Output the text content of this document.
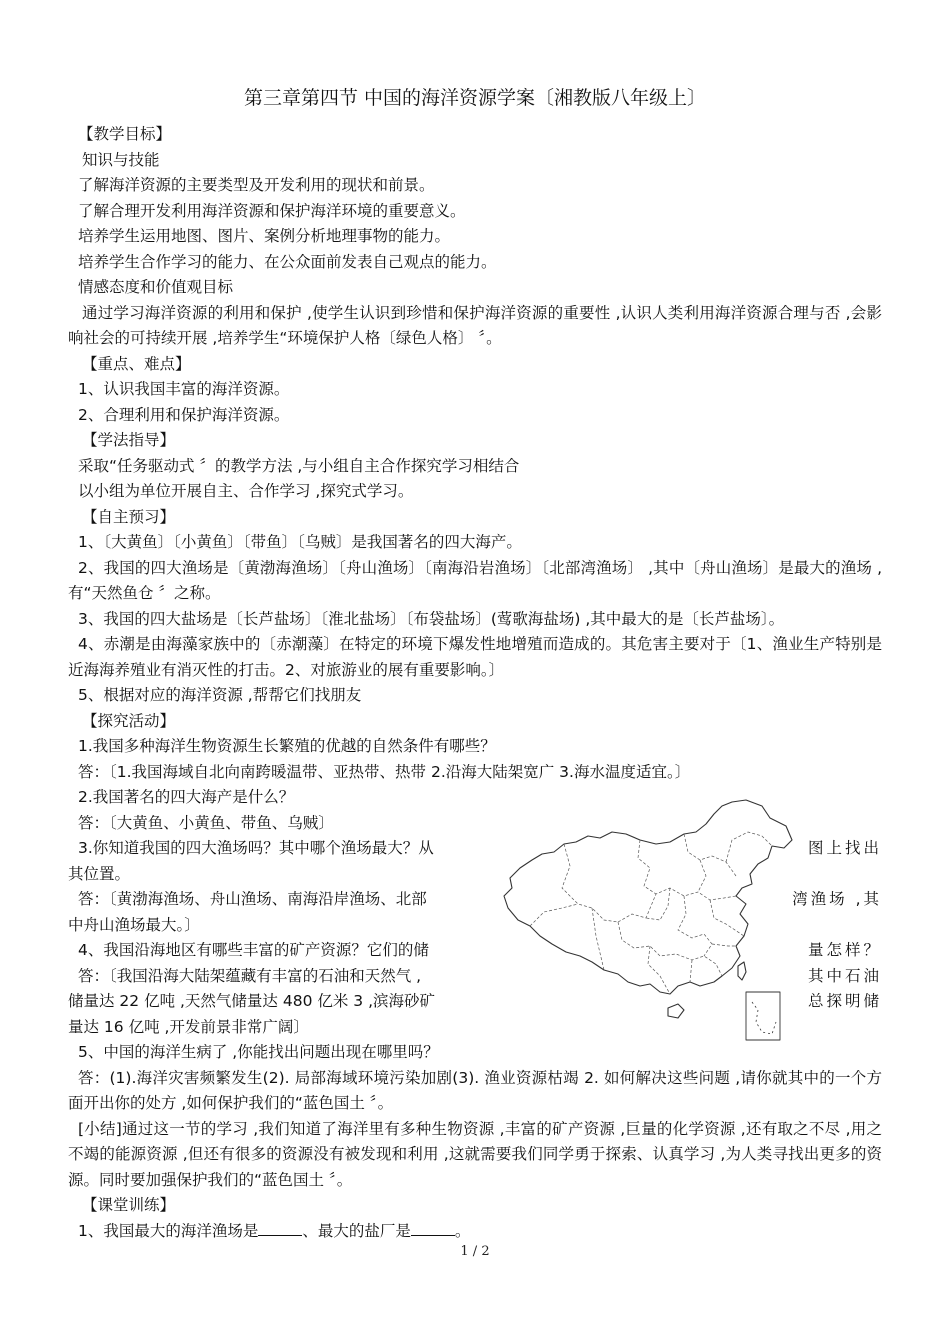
第三章第四节 中国的海洋资源学案〔湘教版八年级上〕

【教学目标】

知识与技能

了解海洋资源的主要类型及开发利用的现状和前景。

了解合理开发利用海洋资源和保护海洋环境的重要意义。

培养学生运用地图、图片、案例分析地理事物的能力。

培养学生合作学习的能力、在公众面前发表自己观点的能力。

情感态度和价值观目标

通过学习海洋资源的利用和保护 ,使学生认识到珍惜和保护海洋资源的重要性 ,认识人类利用海洋资源合理与否 ,会影响社会的可持续开展 ,培养学生“环境保护人格〔绿色人格〕 〞。

【重点、难点】

1、认识我国丰富的海洋资源。

2、合理利用和保护海洋资源。

【学法指导】

采取“任务驱动式 〞的教学方法 ,与小组自主合作探究学习相结合

以小组为单位开展自主、合作学习 ,探究式学习。

【自主预习】

1、〔大黄鱼〕〔小黄鱼〕〔带鱼〕〔乌贼〕是我国著名的四大海产。

2、我国的四大渔场是〔黄渤海渔场〕〔舟山渔场〕〔南海沿岩渔场〕〔北部湾渔场〕 ,其中〔舟山渔场〕是最大的渔场 ,有“天然鱼仓 〞之称。

3、我国的四大盐场是〔长芦盐场〕〔淮北盐场〕〔布袋盐场〕(莺歌海盐场) ,其中最大的是〔长芦盐场〕。

4、赤潮是由海藻家族中的〔赤潮藻〕在特定的环境下爆发性地增殖而造成的。其危害主要对于〔1、渔业生产特别是近海海养殖业有消灭性的打击。2、对旅游业的展有重要影响。〕

5、根据对应的海洋资源 ,帮帮它们找朋友

【探究活动】

1.我国多种海洋生物资源生长繁殖的优越的自然条件有哪些？

答：〔1.我国海域自北向南跨暖温带、亚热带、热带 2.沿海大陆架宽广 3.海水温度适宜。〕

2.我国著名的四大海产是什么？

答：〔大黄鱼、小黄鱼、带鱼、乌贼〕

3.你知道我国的四大渔场吗？其中哪个渔场最大？从	图上找出

其位置。

答：〔黄渤海渔场、舟山渔场、南海沿岸渔场、北部	湾渔场 ,其

中舟山渔场最大。〕

4、我国沿海地区有哪些丰富的矿产资源？它们的储	量怎样？
答：〔我国沿海大陆架蕴藏有丰富的石油和天然气 ,	其中石油
储量达 22 亿吨 ,天然气储量达 480 亿米 3 ,滨海砂矿	总探明储

量达 16 亿吨 ,开发前景非常广阔〕

5、中国的海洋生病了 ,你能找出问题出现在哪里吗？

答：(1).海洋灾害频繁发生(2). 局部海域环境污染加剧(3). 渔业资源枯竭 2. 如何解决这些问题 ,请你就其中的一个方面开出你的处方 ,如何保护我们的“蓝色国土 〞。

[小结]通过这一节的学习 ,我们知道了海洋里有多种生物资源 ,丰富的矿产资源 ,巨量的化学资源 ,还有取之不尽 ,用之不竭的能源资源 ,但还有很多的资源没有被发现和利用 ,这就需要我们同学勇于探索、认真学习 ,为人类寻找出更多的资源。同时要加强保护我们的“蓝色国土 〞。

【课堂训练】

1、我国最大的海洋渔场是	、最大的盐厂是	。

1 / 2
